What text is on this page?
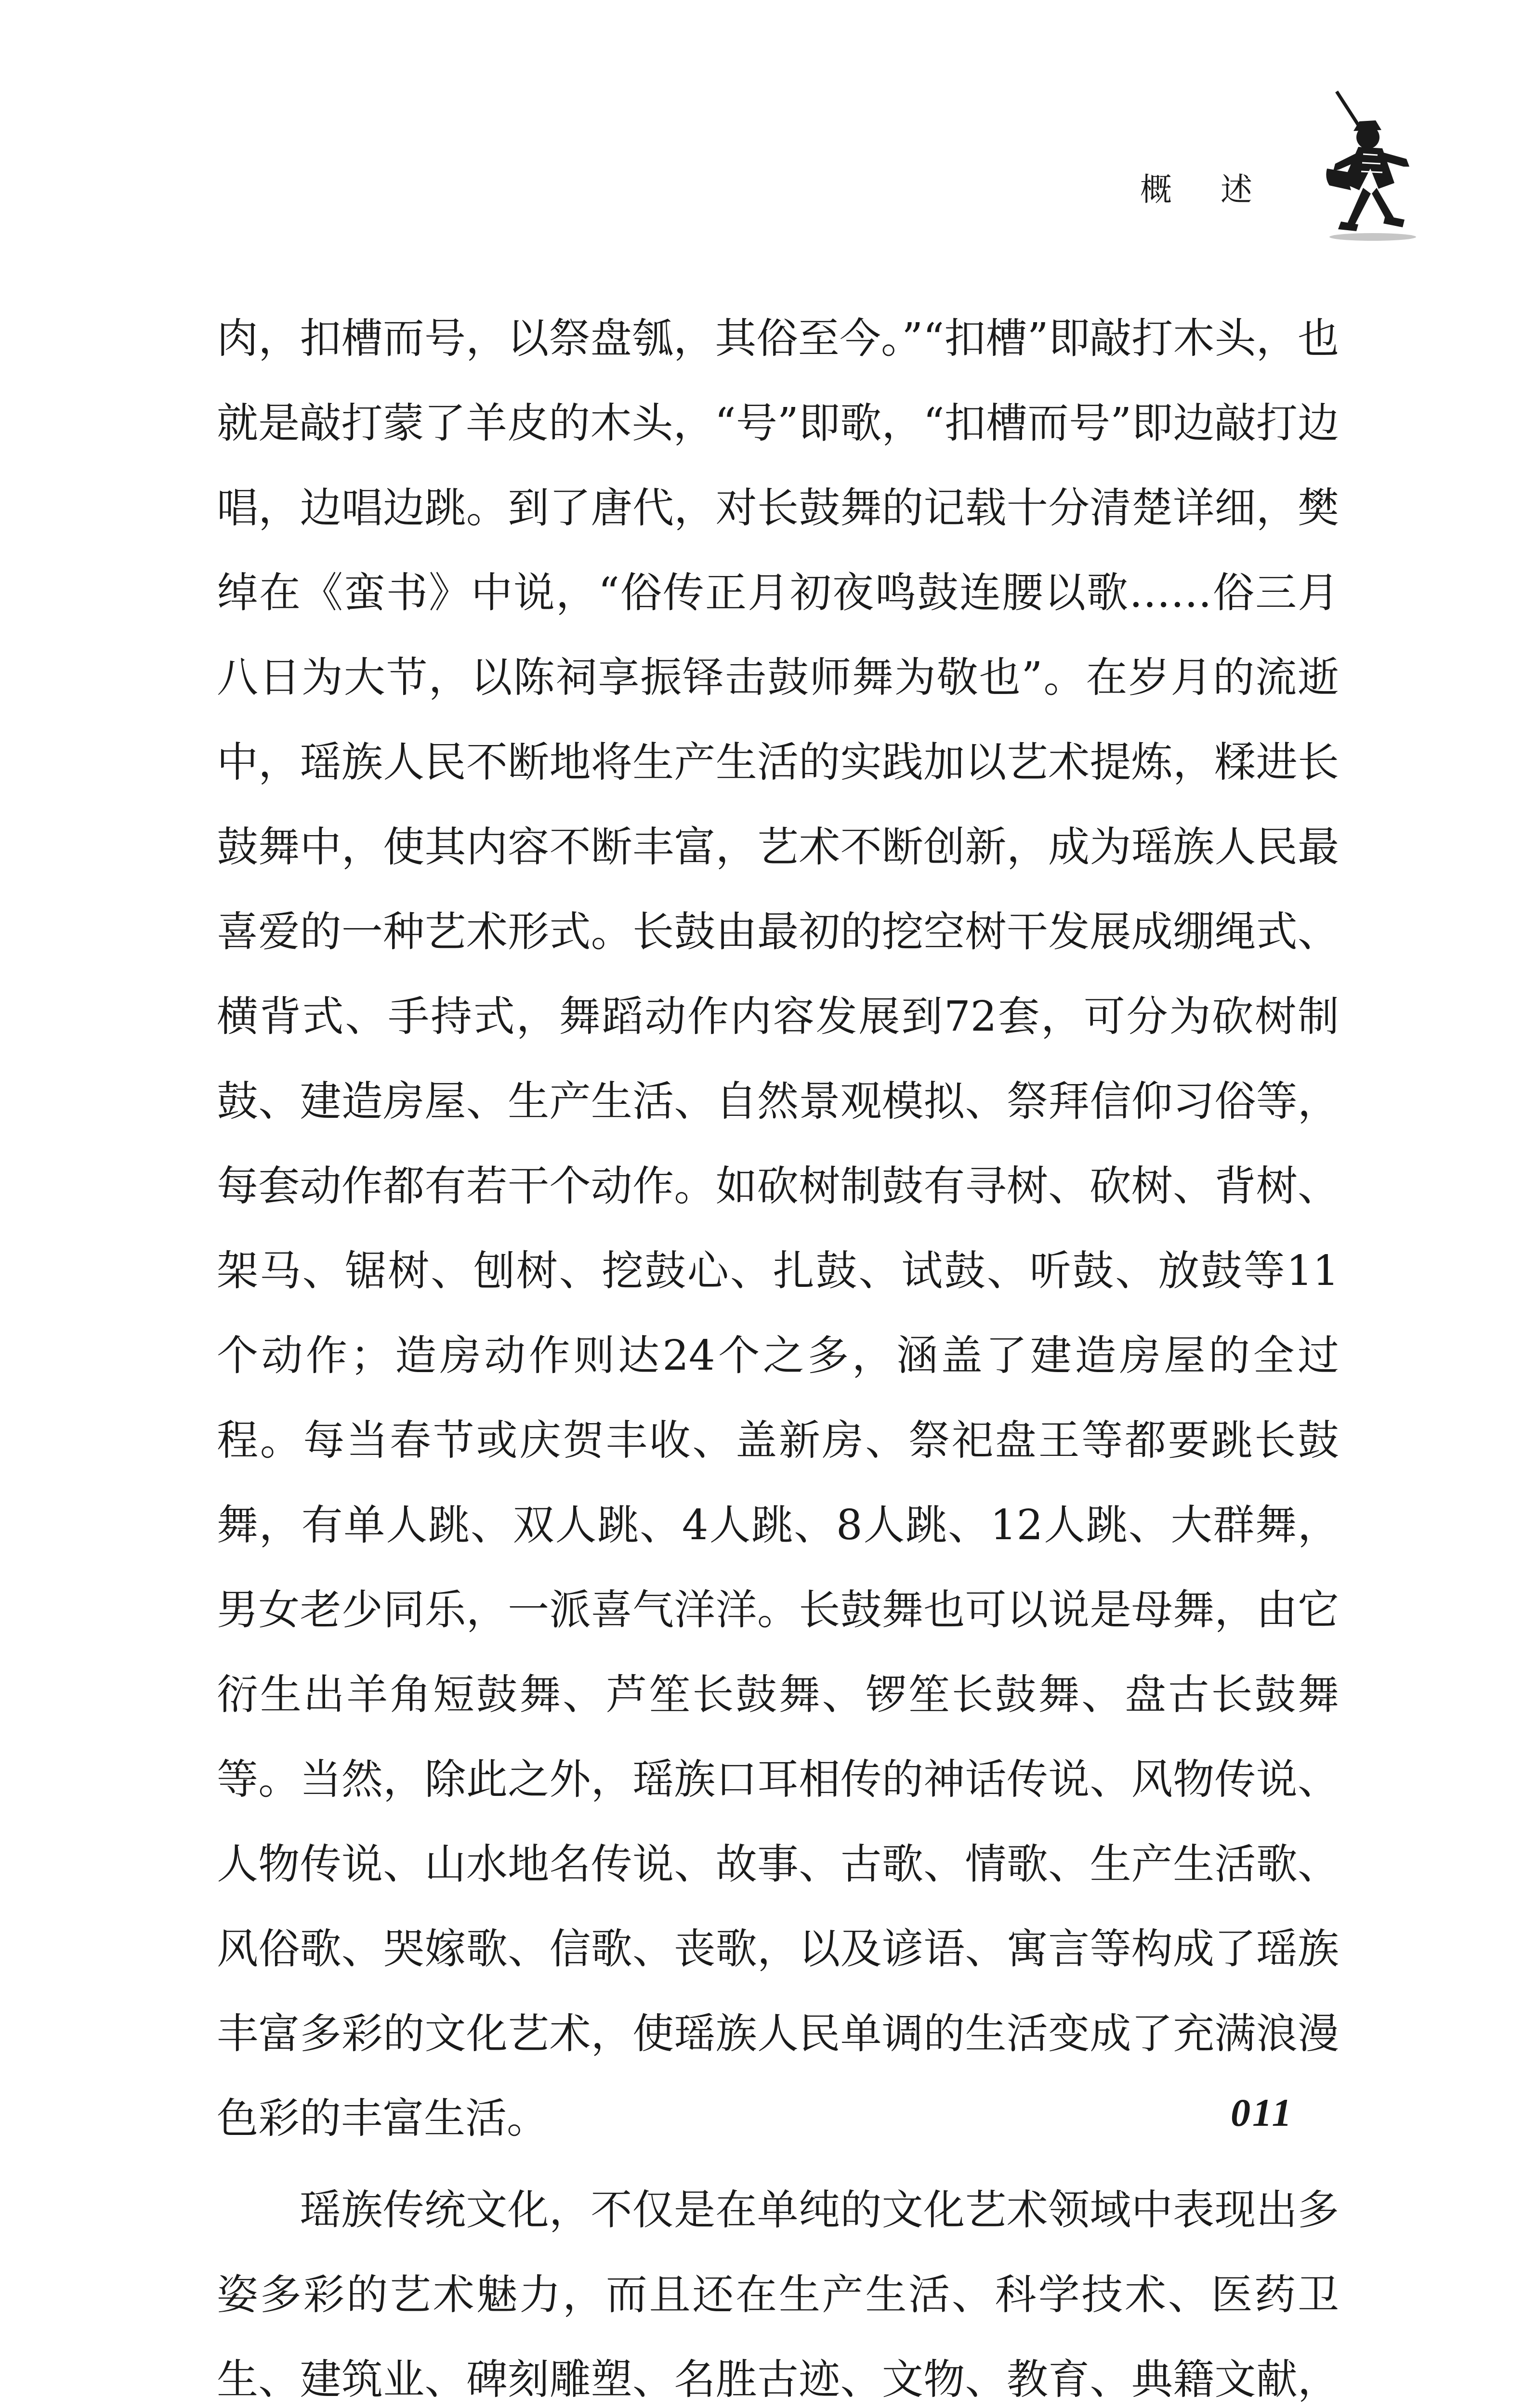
概 述

肉，扣槽而号，以祭盘瓠，其俗至今。”“扣槽”即敲打木头，也就是敲打蒙了羊皮的木头，“号”即歌，“扣槽而号”即边敲打边唱，边唱边跳。到了唐代，对长鼓舞的记载十分清楚详细，樊绰在《蛮书》中说，“俗传正月初夜鸣鼓连腰以歌……俗三月八日为大节，以陈祠享振铎击鼓师舞为敬也”。在岁月的流逝中，瑶族人民不断地将生产生活的实践加以艺术提炼，糅进长鼓舞中，使其内容不断丰富，艺术不断创新，成为瑶族人民最喜爱的一种艺术形式。长鼓由最初的挖空树干发展成绷绳式、横背式、手持式，舞蹈动作内容发展到72套，可分为砍树制鼓、建造房屋、生产生活、自然景观模拟、祭拜信仰习俗等，每套动作都有若干个动作。如砍树制鼓有寻树、砍树、背树、架马、锯树、刨树、挖鼓心、扎鼓、试鼓、听鼓、放鼓等11个动作；造房动作则达24个之多，涵盖了建造房屋的全过程。每当春节或庆贺丰收、盖新房、祭祀盘王等都要跳长鼓舞，有单人跳、双人跳、4人跳、8人跳、12人跳、大群舞，男女老少同乐，一派喜气洋洋。长鼓舞也可以说是母舞，由它衍生出羊角短鼓舞、芦笙长鼓舞、锣笙长鼓舞、盘古长鼓舞等。当然，除此之外，瑶族口耳相传的神话传说、风物传说、人物传说、山水地名传说、故事、古歌、情歌、生产生活歌、风俗歌、哭嫁歌、信歌、丧歌，以及谚语、寓言等构成了瑶族丰富多彩的文化艺术，使瑶族人民单调的生活变成了充满浪漫色彩的丰富生活。

瑶族传统文化，不仅是在单纯的文化艺术领域中表现出多姿多彩的艺术魅力，而且还在生产生活、科学技术、医药卫生、建筑业、碑刻雕塑、名胜古迹、文物、教育、典籍文献，

011
